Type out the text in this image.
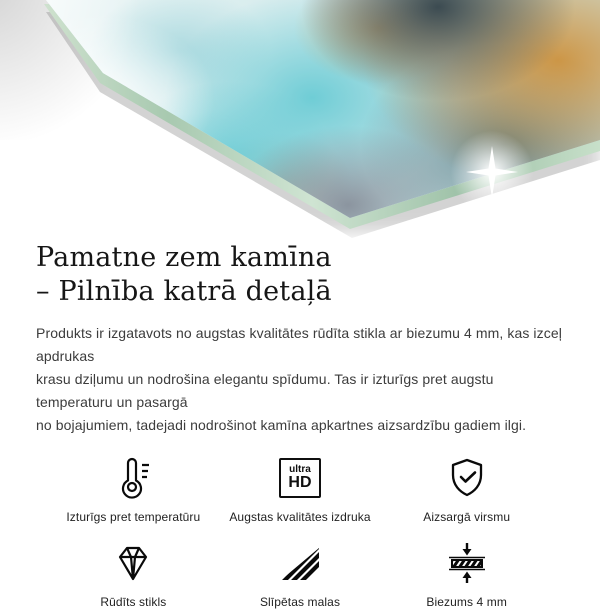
Pamatne zem kamīna
– Pilnība katrā detaļā

Produkts ir izgatavots no augstas kvalitātes rūdīta stikla ar biezumu 4 mm, kas izceļ apdrukas
krasu dziļumu un nodrošina elegantu spīdumu. Tas ir izturīgs pret augstu temperaturu un pasargā
no bojajumiem, tadejadi nodrošinot kamīna apkartnes aizsardzību gadiem ilgi.

Izturīgs pret temperatūru
ultra
HD
Augstas kvalitātes izdruka	Aizsargā virsmu
Rūdīts stikls	Slīpētas malas	Biezums 4 mm
